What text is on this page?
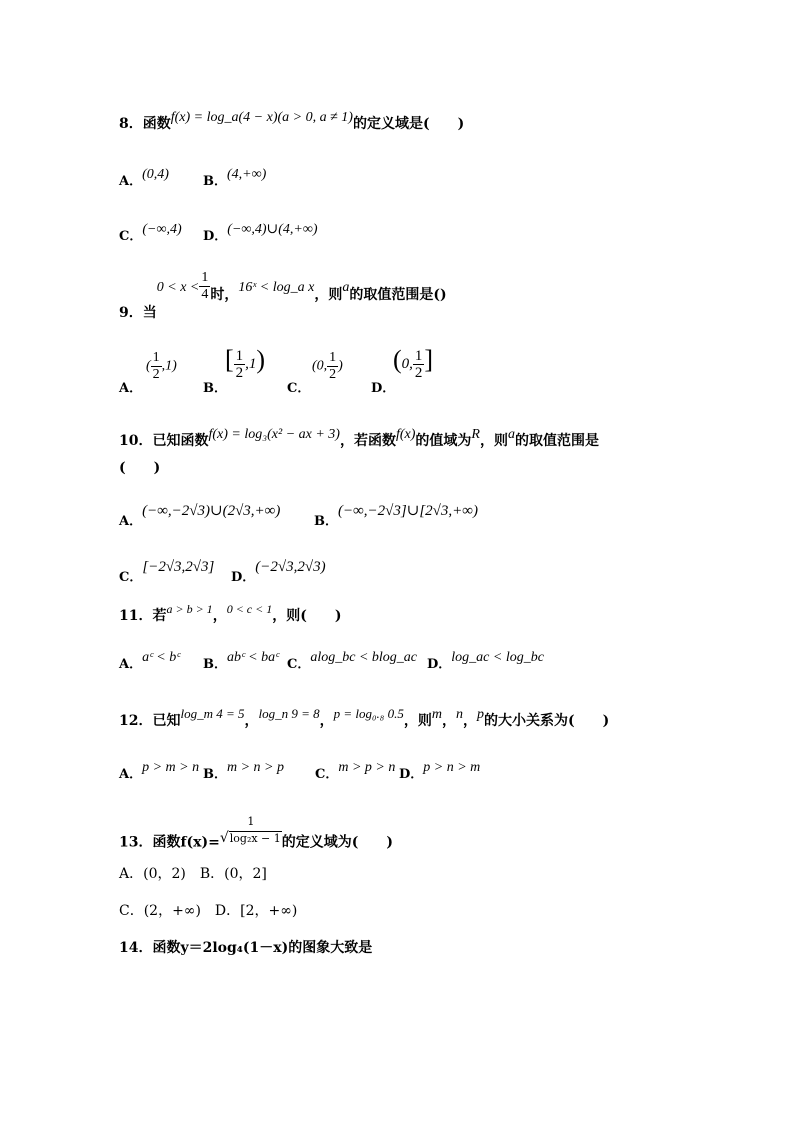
8．函数f(x) = log_a(4 − x)(a > 0, a ≠ 1)的定义域是(　　)
A．(0,4)	B．(4,+∞)
C．(−∞,4) D．(−∞,4)∪(4,+∞)
9．当$0 < x < \frac{1}{4}$ 时，16ˣ < log_a x，则a的取值范围是()
A．
( $\frac{1}{2} ,1$)
B．
[ $\frac{1}{2} ,1$)
C．
(0, $\frac{1}{2}$ )
D．
(0, $\frac{1}{2}$ ]
10．已知函数f(x) = log₃(x² − ax + 3)，若函数f(x)的值域为R，则a的取值范围是
(　　)
A．(−∞,−2√3)∪(2√3,+∞)
B．(−∞,−2√3]∪[2√3,+∞)
C．[−2√3,2√3]
D．(−2√3,2√3)
11．若a > b > 1，0 < c < 1，则(　　)
A．aᶜ < bᶜ B．abᶜ < baᶜ C．alog_bc < blog_ac D．log_ac < log_bc
12．已知log_m 4 = 5，log_n 9 = 8，p = log₀.₈ 0.5，则m，n，p的大小关系为(　　)
A．p > m > n B．m > n > p C．m > p > n D．p > n > m
13．函数f(x)=
1
√log₂x − 1 的定义域为(　　)
A．(0，2)　B．(0，2]
C．(2，+∞)　D．[2，+∞)
14．函数y＝2log₄(1－x)的图象大致是
